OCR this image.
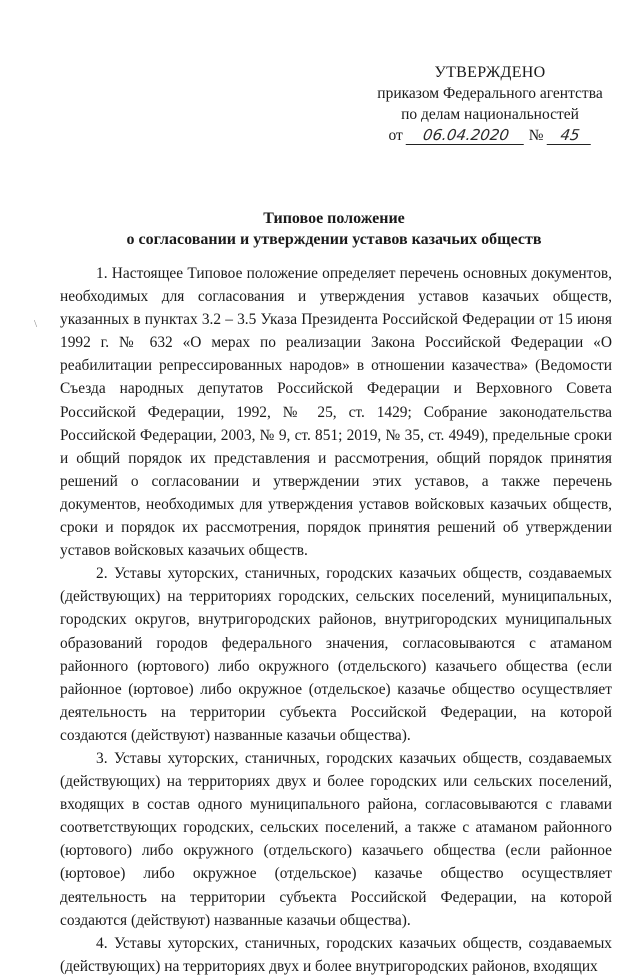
УТВЕРЖДЕНО
приказом Федерального агентства
по делам национальностей
от	06.04.2020	№	45
Типовое положение
о согласовании и утверждении уставов казачьих обществ
\

1. Настоящее Типовое положение определяет перечень основных документов, необходимых для согласования и утверждения уставов казачьих обществ, указанных в пунктах 3.2 – 3.5 Указа Президента Российской Федерации от 15 июня 1992 г. № 632 «О мерах по реализации Закона Российской Федерации «О реабилитации репрессированных народов» в отношении казачества» (Ведомости Съезда народных депутатов Российской Федерации и Верховного Совета Российской Федерации, 1992, № 25, ст. 1429; Собрание законодательства Российской Федерации, 2003, № 9, ст. 851; 2019, № 35, ст. 4949), предельные сроки и общий порядок их представления и рассмотрения, общий порядок принятия решений о согласовании и утверждении этих уставов, а также перечень документов, необходимых для утверждения уставов войсковых казачьих обществ, сроки и порядок их рассмотрения, порядок принятия решений об утверждении уставов войсковых казачьих обществ.

2. Уставы хуторских, станичных, городских казачьих обществ, создаваемых (действующих) на территориях городских, сельских поселений, муниципальных, городских округов, внутригородских районов, внутригородских муниципальных образований городов федерального значения, согласовываются с атаманом районного (юртового) либо окружного (отдельского) казачьего общества (если районное (юртовое) либо окружное (отдельское) казачье общество осуществляет деятельность на территории субъекта Российской Федерации, на которой создаются (действуют) названные казачьи общества).

3. Уставы хуторских, станичных, городских казачьих обществ, создаваемых (действующих) на территориях двух и более городских или сельских поселений, входящих в состав одного муниципального района, согласовываются с главами соответствующих городских, сельских поселений, а также с атаманом районного (юртового) либо окружного (отдельского) казачьего общества (если районное (юртовое) либо окружное (отдельское) казачье общество осуществляет деятельность на территории субъекта Российской Федерации, на которой создаются (действуют) названные казачьи общества).

4. Уставы хуторских, станичных, городских казачьих обществ, создаваемых (действующих) на территориях двух и более внутригородских районов, входящих
